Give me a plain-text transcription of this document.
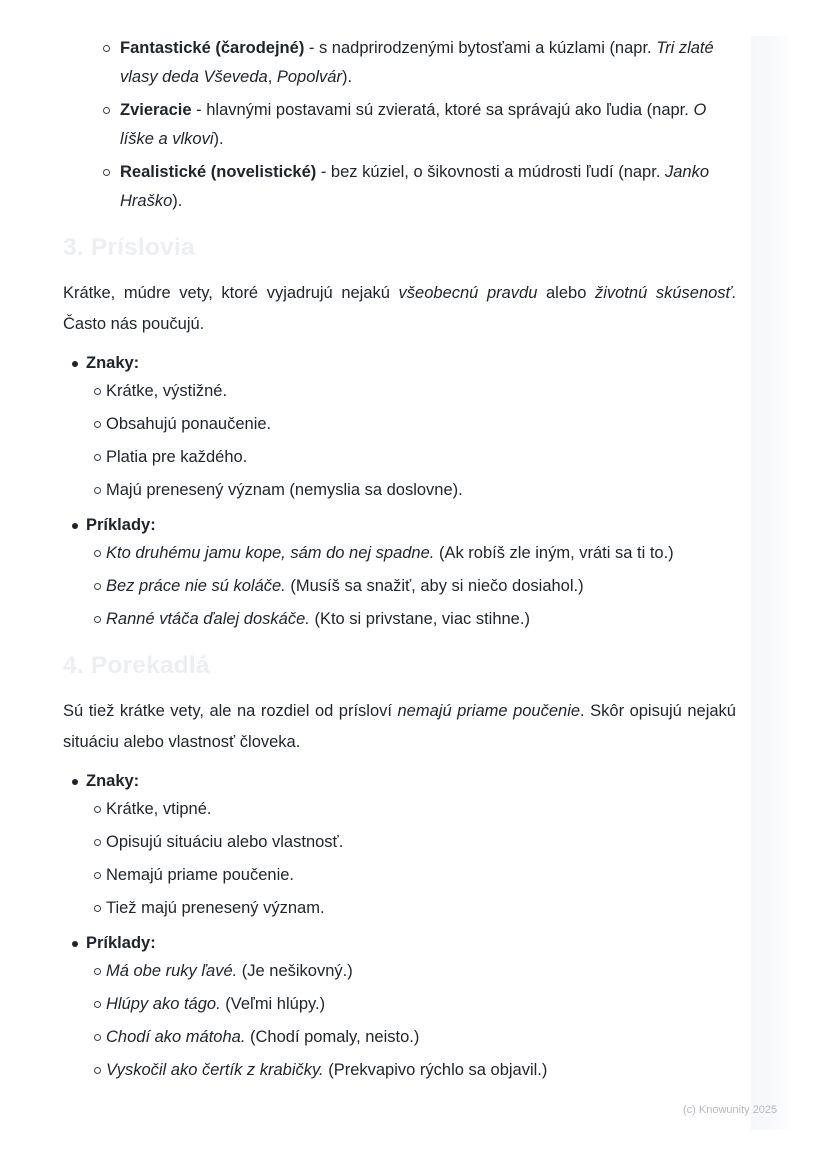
Fantastické (čarodejné) - s nadprirodzenými bytosťami a kúzlami (napr. Tri zlaté vlasy deda Vševeda, Popolvár).
Zvieracie - hlavnými postavami sú zvieratá, ktoré sa správajú ako ľudia (napr. O líške a vlkovi).
Realistické (novelistické) - bez kúziel, o šikovnosti a múdrosti ľudí (napr. Janko Hraško).
3. Príslovia

Krátke, múdre vety, ktoré vyjadrujú nejakú všeobecnú pravdu alebo životnú skúsenosť. Často nás poučujú.

Znaky:
Krátke, výstižné.
Obsahujú ponaučenie.
Platia pre každého.
Majú prenesený význam (nemyslia sa doslovne).
Príklady:
Kto druhému jamu kope, sám do nej spadne. (Ak robíš zle iným, vráti sa ti to.)
Bez práce nie sú koláče. (Musíš sa snažiť, aby si niečo dosiahol.)
Ranné vtáča ďalej doskáče. (Kto si privstane, viac stihne.)
4. Porekadlá

Sú tiež krátke vety, ale na rozdiel od prísloví nemajú priame poučenie. Skôr opisujú nejakú situáciu alebo vlastnosť človeka.

Znaky:
Krátke, vtipné.
Opisujú situáciu alebo vlastnosť.
Nemajú priame poučenie.
Tiež majú prenesený význam.
Príklady:
Má obe ruky ľavé. (Je nešikovný.)
Hlúpy ako tágo. (Veľmi hlúpy.)
Chodí ako mátoha. (Chodí pomaly, neisto.)
Vyskočil ako čertík z krabičky. (Prekvapivo rýchlo sa objavil.)
(c) Knowunity 2025
